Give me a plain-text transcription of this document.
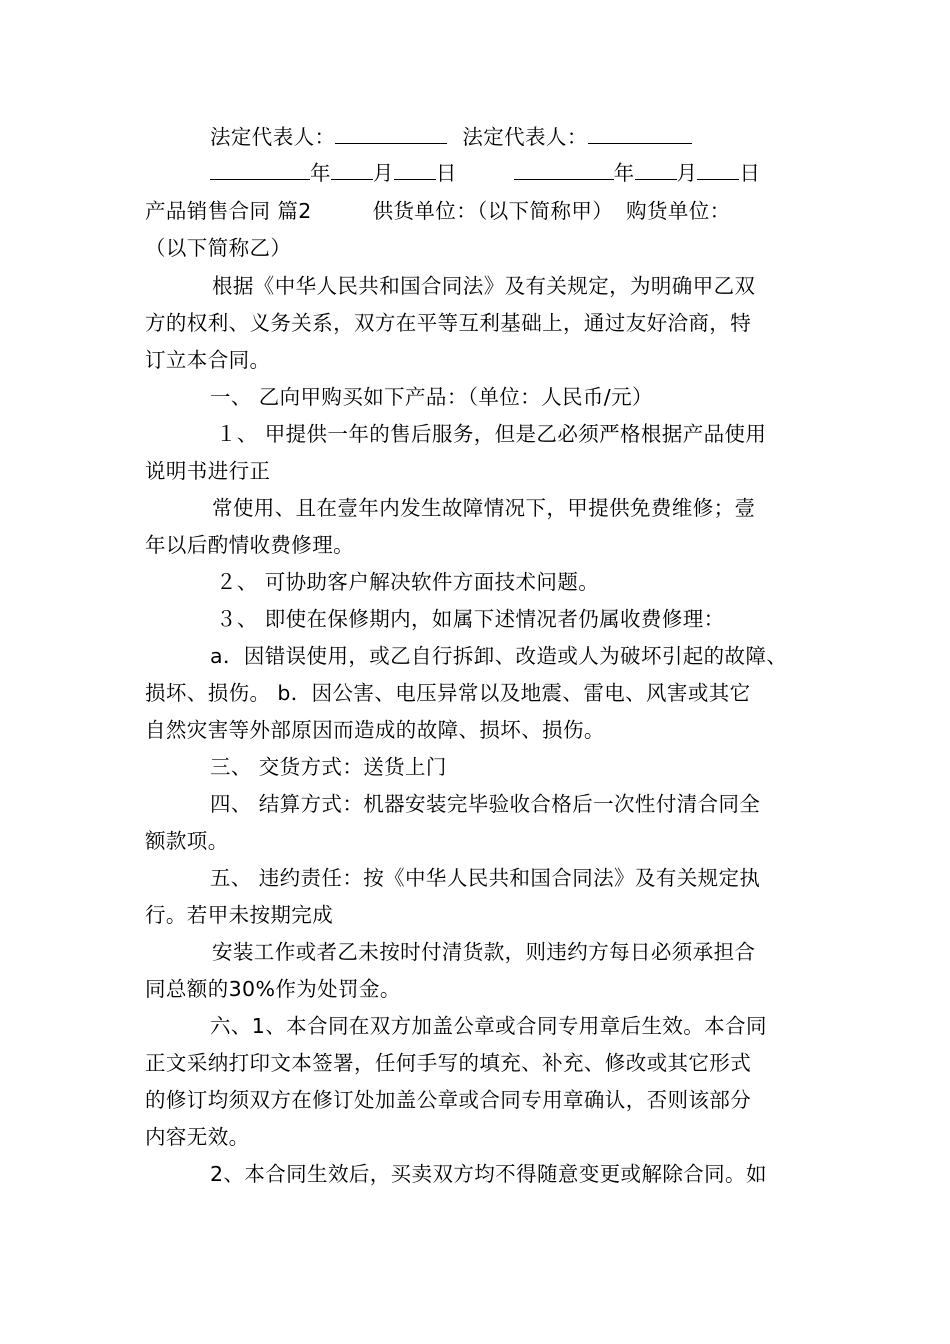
法定代表人：	法定代表人：
年 月 日	年 月 日
产品销售合同 篇2	供货单位：（以下简称甲） 购货单位：
（以下简称乙）
根据《中华人民共和国合同法》及有关规定，为明确甲乙双
方的权利、义务关系，双方在平等互利基础上，通过友好洽商，特
订立本合同。
一、 乙向甲购买如下产品：（单位：人民币/元）
１、 甲提供一年的售后服务，但是乙必须严格根据产品使用
说明书进行正
常使用、且在壹年内发生故障情况下，甲提供免费维修；壹
年以后酌情收费修理。
２、 可协助客户解决软件方面技术问题。
３、 即使在保修期内，如属下述情况者仍属收费修理：
a．因错误使用，或乙自行拆卸、改造或人为破坏引起的故障、
损坏、损伤。 b．因公害、电压异常以及地震、雷电、风害或其它
自然灾害等外部原因而造成的故障、损坏、损伤。
三、 交货方式：送货上门
四、 结算方式：机器安装完毕验收合格后一次性付清合同全
额款项。
五、 违约责任：按《中华人民共和国合同法》及有关规定执
行。若甲未按期完成
安装工作或者乙未按时付清货款，则违约方每日必须承担合
同总额的30%作为处罚金。
六、1、本合同在双方加盖公章或合同专用章后生效。本合同
正文采纳打印文本签署，任何手写的填充、补充、修改或其它形式
的修订均须双方在修订处加盖公章或合同专用章确认，否则该部分
内容无效。
2、本合同生效后，买卖双方均不得随意变更或解除合同。如
